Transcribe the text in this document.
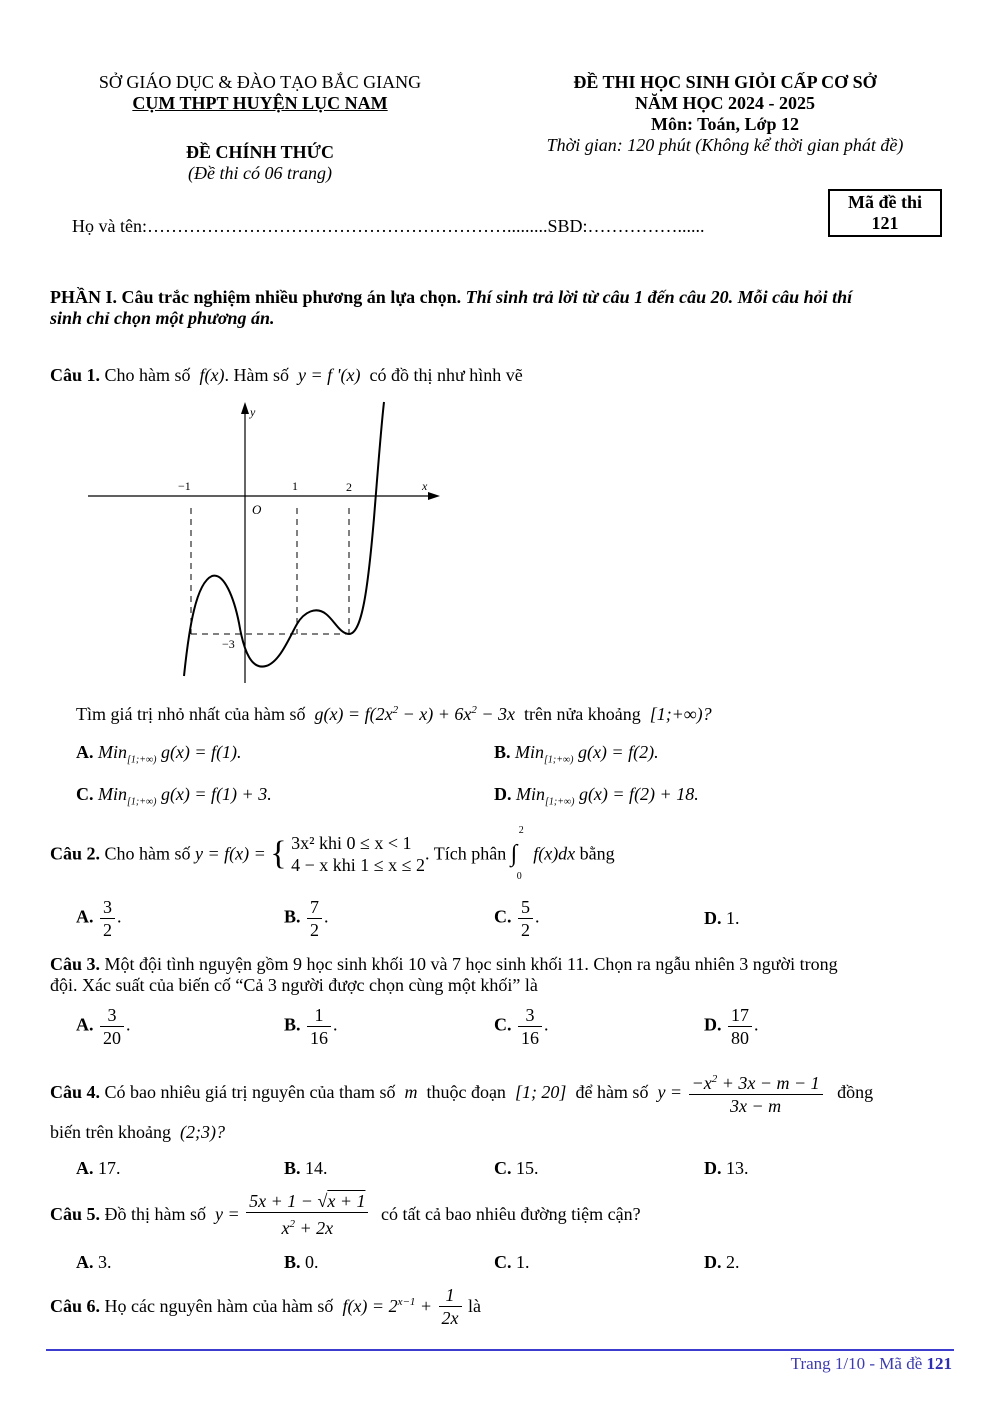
SỞ GIÁO DỤC & ĐÀO TẠO BẮC GIANG
CỤM THPT HUYỆN LỤC NAM
ĐỀ THI HỌC SINH GIỎI CẤP CƠ SỞ
NĂM HỌC 2024 - 2025
Môn: Toán, Lớp 12
Thời gian: 120 phút (Không kể thời gian phát đề)
ĐỀ CHÍNH THỨC
(Đề thi có 06 trang)
Mã đề thi
121
Họ và tên:…………………………………………………….........SBD:……………......
PHẦN I. Câu trắc nghiệm nhiều phương án lựa chọn. Thí sinh trả lời từ câu 1 đến câu 20. Mỗi câu hỏi thí
sinh chỉ chọn một phương án.
Câu 1. Cho hàm số  f(x). Hàm số  y = f '(x)  có đồ thị như hình vẽ
y
x
O
−1	1	2
−3
Tìm giá trị nhỏ nhất của hàm số  $g(x) = f(2x^2 - x) + 6x^2 - 3x$  trên nửa khoảng  [1;+∞)?
A. Min$_{[1;+\infty)}$ g(x) = f(1).	B. Min$_{[1;+\infty)}$ g(x) = f(2).
C. Min$_{[1;+\infty)}$ g(x) = f(1) + 3.	D. Min$_{[1;+\infty)}$ g(x) = f(2) + 18.
Câu 2. Cho hàm số y = f(x) = { 3x² khi 0 ≤ x < 1
4 − x khi 1 ≤ x ≤ 2
. Tích phân ∫
2
0
f(x)dx bằng
A. $\frac{3}{2}$ .	B. $\frac{7}{2}$ .	C. $\frac{5}{2}$ .	D. 1.
Câu 3. Một đội tình nguyện gồm 9 học sinh khối 10 và 7 học sinh khối 11. Chọn ra ngẫu nhiên 3 người trong
đội. Xác suất của biến cố “Cả 3 người được chọn cùng một khối” là
A. $\frac{3}{20}$ .	B. $\frac{1}{16}$ .	C. $\frac{3}{16}$ .	D. $\frac{17}{80}$ .
Câu 4. Có bao nhiêu giá trị nguyên của tham số  m  thuộc đoạn  [1; 20]  để hàm số  $y = \frac{-x^2 + 3x - m - 1}{3x - m}$ đồng
biến trên khoảng  (2;3)?
A. 17.	B. 14.	C. 15.	D. 13.
Câu 5. Đồ thị hàm số  $y = \frac{5x + 1 - √x + 1}{x^2 + 2x}$ có tất cả bao nhiêu đường tiệm cận?
A. 3.	B. 0.	C. 1.	D. 2.
Câu 6. Họ các nguyên hàm của hàm số  $f(x) = 2^{x-1} + \frac{1}{2x}$ là
Trang 1/10 - Mã đề 121
